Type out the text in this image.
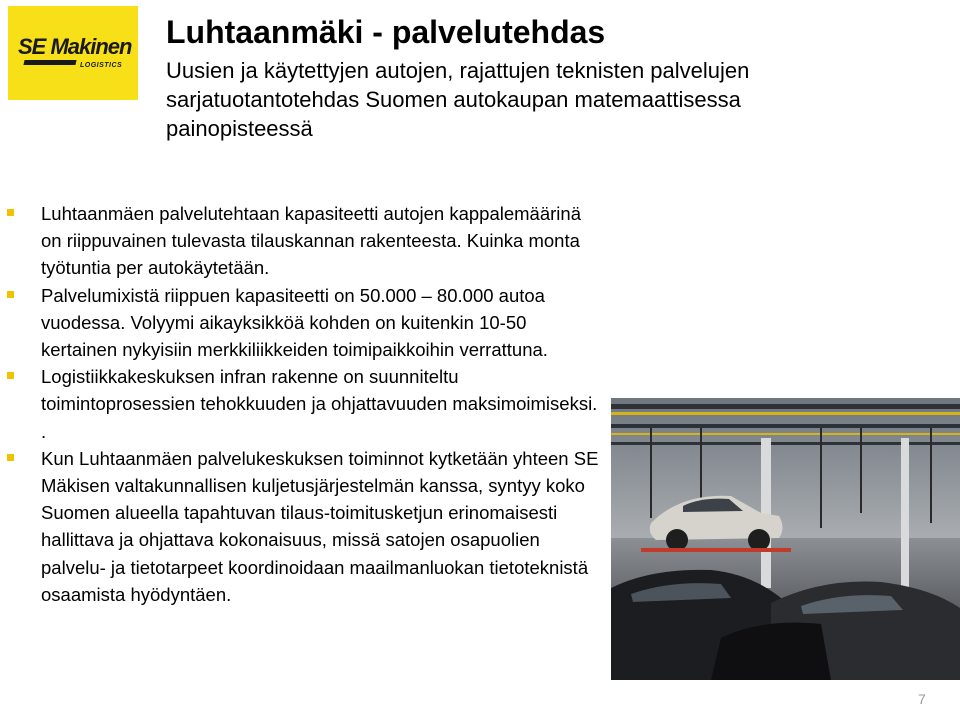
SE Makinen
LOGISTICS
Luhtaanmäki - palvelutehdas

Uusien ja käytettyjen autojen, rajattujen teknisten palvelujen sarjatuotantotehdas Suomen autokaupan matemaattisessa painopisteessä

Luhtaanmäen palvelutehtaan kapasiteetti autojen kappalemäärinä on riippuvainen tulevasta tilauskannan rakenteesta. Kuinka monta työtuntia per autokäytetään.
Palvelumixistä riippuen kapasiteetti on 50.000 – 80.000 autoa vuodessa. Volyymi aikayksikköä kohden on kuitenkin 10-50 kertainen nykyisiin merkkiliikkeiden toimipaikkoihin verrattuna.
Logistiikkakeskuksen infran rakenne on suunniteltu toimintoprosessien tehokkuuden ja ohjattavuuden maksimoimiseksi. .
Kun Luhtaanmäen palvelukeskuksen toiminnot kytketään yhteen SE Mäkisen valtakunnallisen kuljetusjärjestelmän kanssa, syntyy koko Suomen alueella tapahtuvan tilaus-toimitusketjun erinomaisesti hallittava ja ohjattava kokonaisuus, missä satojen osapuolien palvelu- ja tietotarpeet koordinoidaan maailmanluokan tietoteknistä osaamista hyödyntäen.
7
